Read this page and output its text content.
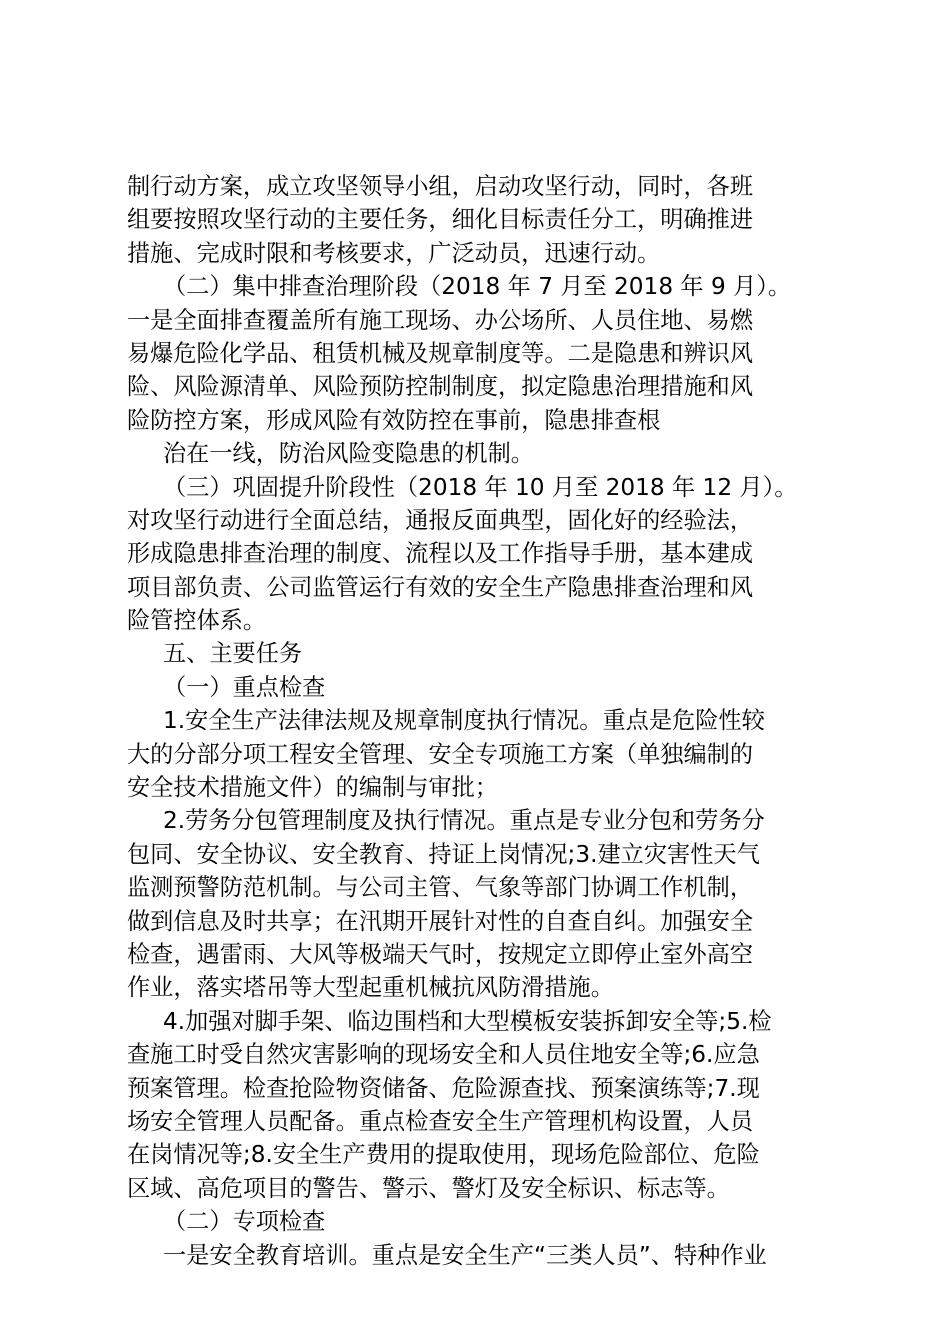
制行动方案，成立攻坚领导小组，启动攻坚行动，同时，各班
组要按照攻坚行动的主要任务，细化目标责任分工，明确推进
措施、完成时限和考核要求，广泛动员，迅速行动。
（二）集中排查治理阶段（2018 年 7 月至 2018 年 9 月）。
一是全面排查覆盖所有施工现场、办公场所、人员住地、易燃
易爆危险化学品、租赁机械及规章制度等。二是隐患和辨识风
险、风险源清单、风险预防控制制度，拟定隐患治理措施和风
险防控方案，形成风险有效防控在事前，隐患排查根
治在一线，防治风险变隐患的机制。
（三）巩固提升阶段性（2018 年 10 月至 2018 年 12 月）。
对攻坚行动进行全面总结，通报反面典型，固化好的经验法，
形成隐患排查治理的制度、流程以及工作指导手册，基本建成
项目部负责、公司监管运行有效的安全生产隐患排查治理和风
险管控体系。
五、主要任务
（一）重点检查
1.安全生产法律法规及规章制度执行情况。重点是危险性较
大的分部分项工程安全管理、安全专项施工方案（单独编制的
安全技术措施文件）的编制与审批；
2.劳务分包管理制度及执行情况。重点是专业分包和劳务分
包同、安全协议、安全教育、持证上岗情况;3.建立灾害性天气
监测预警防范机制。与公司主管、气象等部门协调工作机制，
做到信息及时共享；在汛期开展针对性的自查自纠。加强安全
检查，遇雷雨、大风等极端天气时，按规定立即停止室外高空
作业，落实塔吊等大型起重机械抗风防滑措施。
4.加强对脚手架、临边围档和大型模板安装拆卸安全等;5.检
查施工时受自然灾害影响的现场安全和人员住地安全等;6.应急
预案管理。检查抢险物资储备、危险源查找、预案演练等;7.现
场安全管理人员配备。重点检查安全生产管理机构设置，人员
在岗情况等;8.安全生产费用的提取使用，现场危险部位、危险
区域、高危项目的警告、警示、警灯及安全标识、标志等。
（二）专项检查
一是安全教育培训。重点是安全生产“三类人员”、特种作业
